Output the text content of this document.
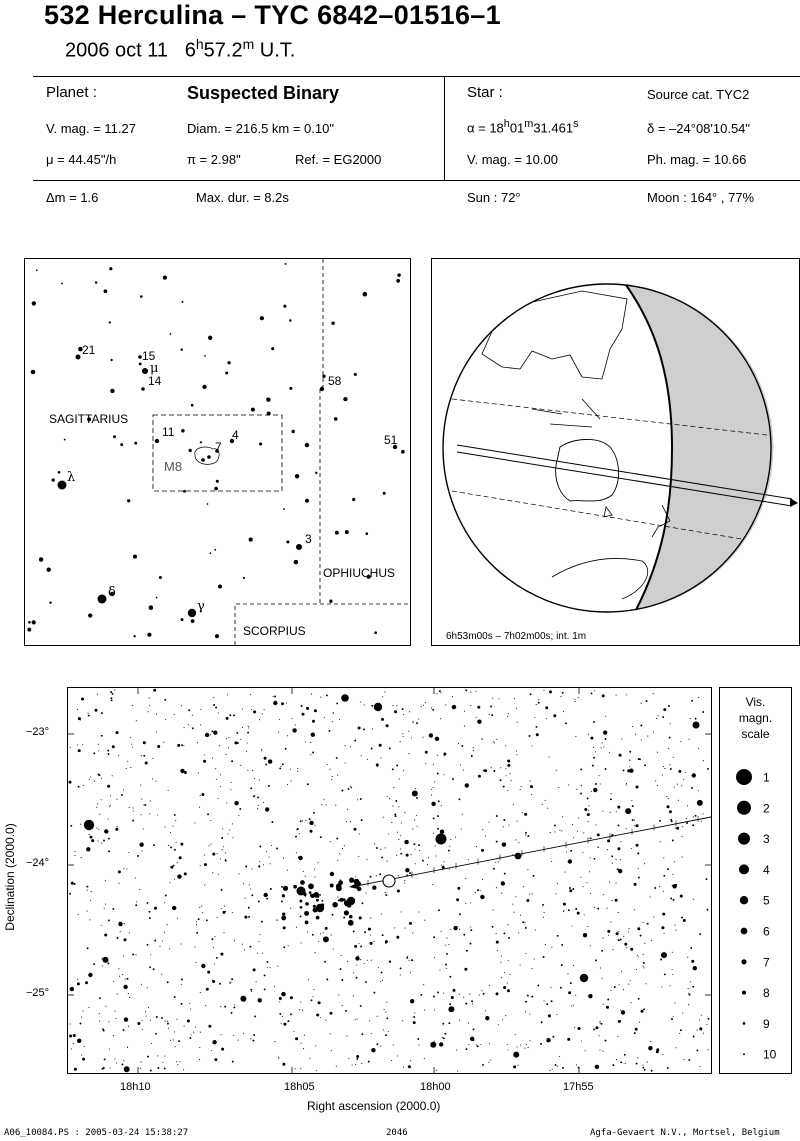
532 Herculina – TYC 6842–01516–1
2006 oct 11 6$^h$57.2$^m$ U.T.
Planet :	Suspected Binary	Star :	Source cat. TYC2
V. mag. = 11.27	Diam. = 216.5 km = 0.10"	$\alpha = 18^h01^m31.461^s$	δ = –24°08'10.54"
μ = 44.45"/h	π = 2.98"	Ref. = EG2000	V. mag. = 10.00	Ph. mag. = 10.66
Δm = 1.6	Max. dur. = 8.2s	Sun : 72°	Moon : 164° , 77%
SAGITTARIUS
OPHIUCHUS
SCORPIUS
21	15
μ
14	58
11	4
7	51
λ
3
δ
γ
M8
6h53m00s – 7h02m00s; int. 1m
−23°
−24°
−25°
18h10	18h05	18h00	17h55
Right ascension (2000.0)
Declination (2000.0)
Vis.
magn.
scale
1
2
3
4
5
6
7
8
9
10
A06_10084.PS : 2005-03-24 15:38:27	2046	Agfa-Gevaert N.V., Mortsel, Belgium
